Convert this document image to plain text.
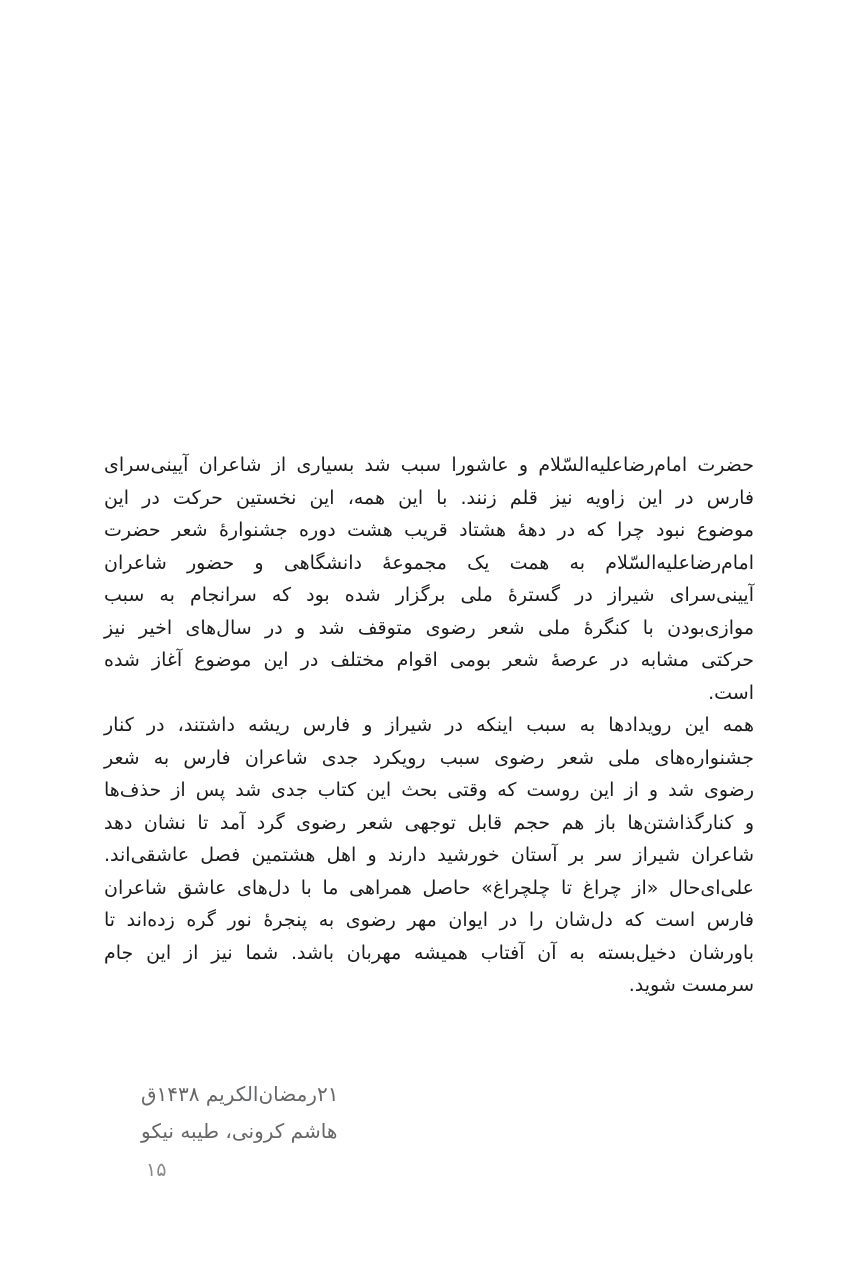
حضرت امام‌رضاعلیه‌السّلام و عاشورا سبب شد بسیاری از شاعران آیینی‌سرای
فارس در این زاویه نیز قلم زنند. با این همه، این نخستین حرکت در این
موضوع نبود چرا که در دهۀ هشتاد قریب هشت دوره جشنوارۀ شعر حضرت
امام‌رضاعلیه‌السّلام به همت یک مجموعۀ دانشگاهی و حضور شاعران
آیینی‌سرای شیراز در گسترۀ ملی برگزار شده بود که سرانجام به سبب
موازی‌بودن با کنگرۀ ملی شعر رضوی متوقف شد و در سال‌های اخیر نیز
حرکتی مشابه در عرصۀ شعر بومی اقوام مختلف در این موضوع آغاز شده
است.
همه این رویدادها به سبب اینکه در شیراز و فارس ریشه داشتند، در کنار
جشنواره‌های ملی شعر رضوی سبب رویکرد جدی شاعران فارس به شعر
رضوی شد و از این روست که وقتی بحث این کتاب جدی شد پس از حذف‌ها
و کنارگذاشتن‌ها باز هم حجم قابل توجهی شعر رضوی گرد آمد تا نشان دهد
شاعران شیراز سر بر آستان خورشید دارند و اهل هشتمین فصل عاشقی‌اند.
علی‌ای‌حال «از چراغ تا چلچراغ» حاصل همراهی ما با دل‌های عاشق شاعران
فارس است که دل‌شان را در ایوان مهر رضوی به پنجرۀ نور گره زده‌اند تا
باورشان دخیل‌بسته به آن آفتاب همیشه مهربان باشد. شما نیز از این جام
سرمست شوید.
۲۱رمضان‌الکریم ۱۴۳۸ق
هاشم کرونی، طیبه نیکو
۱۵
